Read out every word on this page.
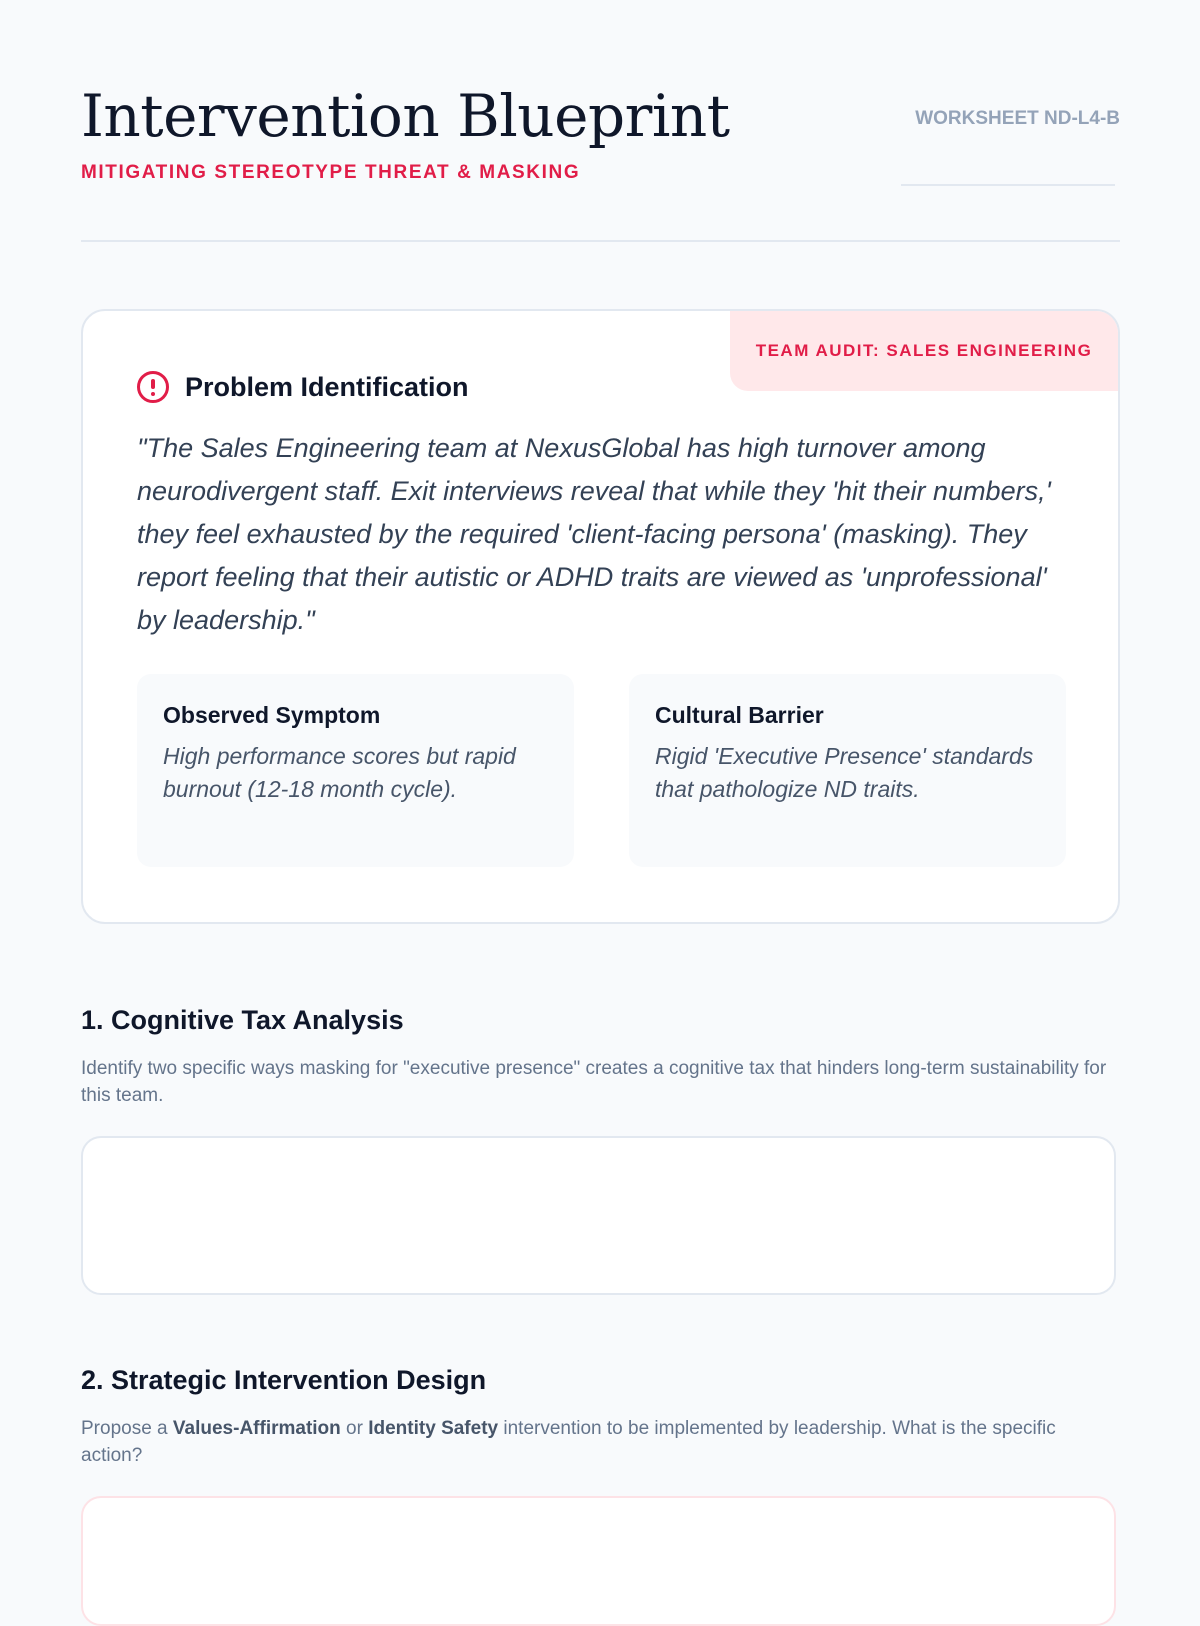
Intervention Blueprint
MITIGATING STEREOTYPE THREAT & MASKING
WORKSHEET ND-L4-B
TEAM AUDIT: SALES ENGINEERING
Problem Identification

"The Sales Engineering team at NexusGlobal has high turnover among neurodivergent staff. Exit interviews reveal that while they 'hit their numbers,' they feel exhausted by the required 'client-facing persona' (masking). They report feeling that their autistic or ADHD traits are viewed as 'unprofessional' by leadership."

Observed Symptom
High performance scores but rapid burnout (12-18 month cycle).
Cultural Barrier
Rigid 'Executive Presence' standards that pathologize ND traits.
1. Cognitive Tax Analysis

Identify two specific ways masking for "executive presence" creates a cognitive tax that hinders long-term sustainability for this team.

2. Strategic Intervention Design

Propose a Values-Affirmation or Identity Safety intervention to be implemented by leadership. What is the specific action?
